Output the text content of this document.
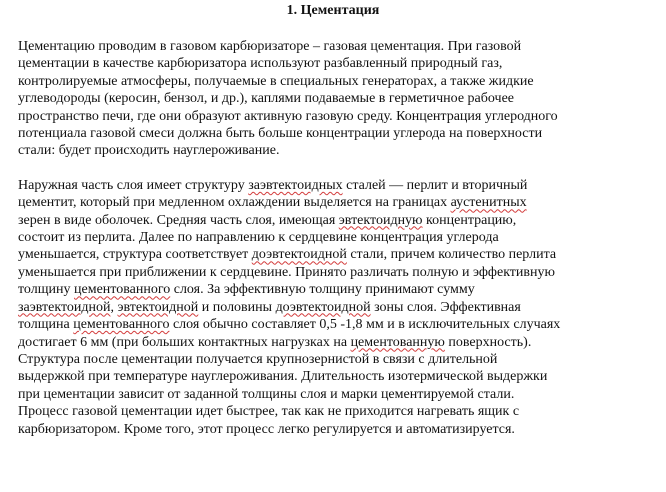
1. Цементация
Цементацию проводим в газовом карбюризаторе – газовая цементация. При газовой
цементации в качестве карбюризатора используют разбавленный природный газ,
контролируемые атмосферы, получаемые в специальных генераторах, а также жидкие
углеводороды (керосин, бензол, и др.), каплями подаваемые в герметичное рабочее
пространство печи, где они образуют активную газовую среду. Концентрация углеродного
потенциала газовой смеси должна быть больше концентрации углерода на поверхности
стали: будет происходить науглероживание.
Наружная часть слоя имеет структуру заэвтектоидных сталей — перлит и вторичный
цементит, который при медленном охлаждении выделяется на границах аустенитных
зерен в виде оболочек. Средняя часть слоя, имеющая эвтектоидную концентрацию,
состоит из перлита. Далее по направлению к сердцевине концентрация углерода
уменьшается, структура соответствует доэвтектоидной стали, причем количество перлита
уменьшается при приближении к сердцевине. Принято различать полную и эффективную
толщину цементованного слоя. За эффективную толщину принимают сумму
заэвтектоидной, эвтектоидной и половины доэвтектоидной зоны слоя. Эффективная
толщина цементованного слоя обычно составляет 0,5 -1,8 мм и в исключительных случаях
достигает 6 мм (при больших контактных нагрузках на цементованную поверхность).
Структура после цементации получается крупнозернистой в связи с длительной
выдержкой при температуре науглероживания. Длительность изотермической выдержки
при цементации зависит от заданной толщины слоя и марки цементируемой стали.
Процесс газовой цементации идет быстрее, так как не приходится нагревать ящик с
карбюризатором. Кроме того, этот процесс легко регулируется и автоматизируется.
